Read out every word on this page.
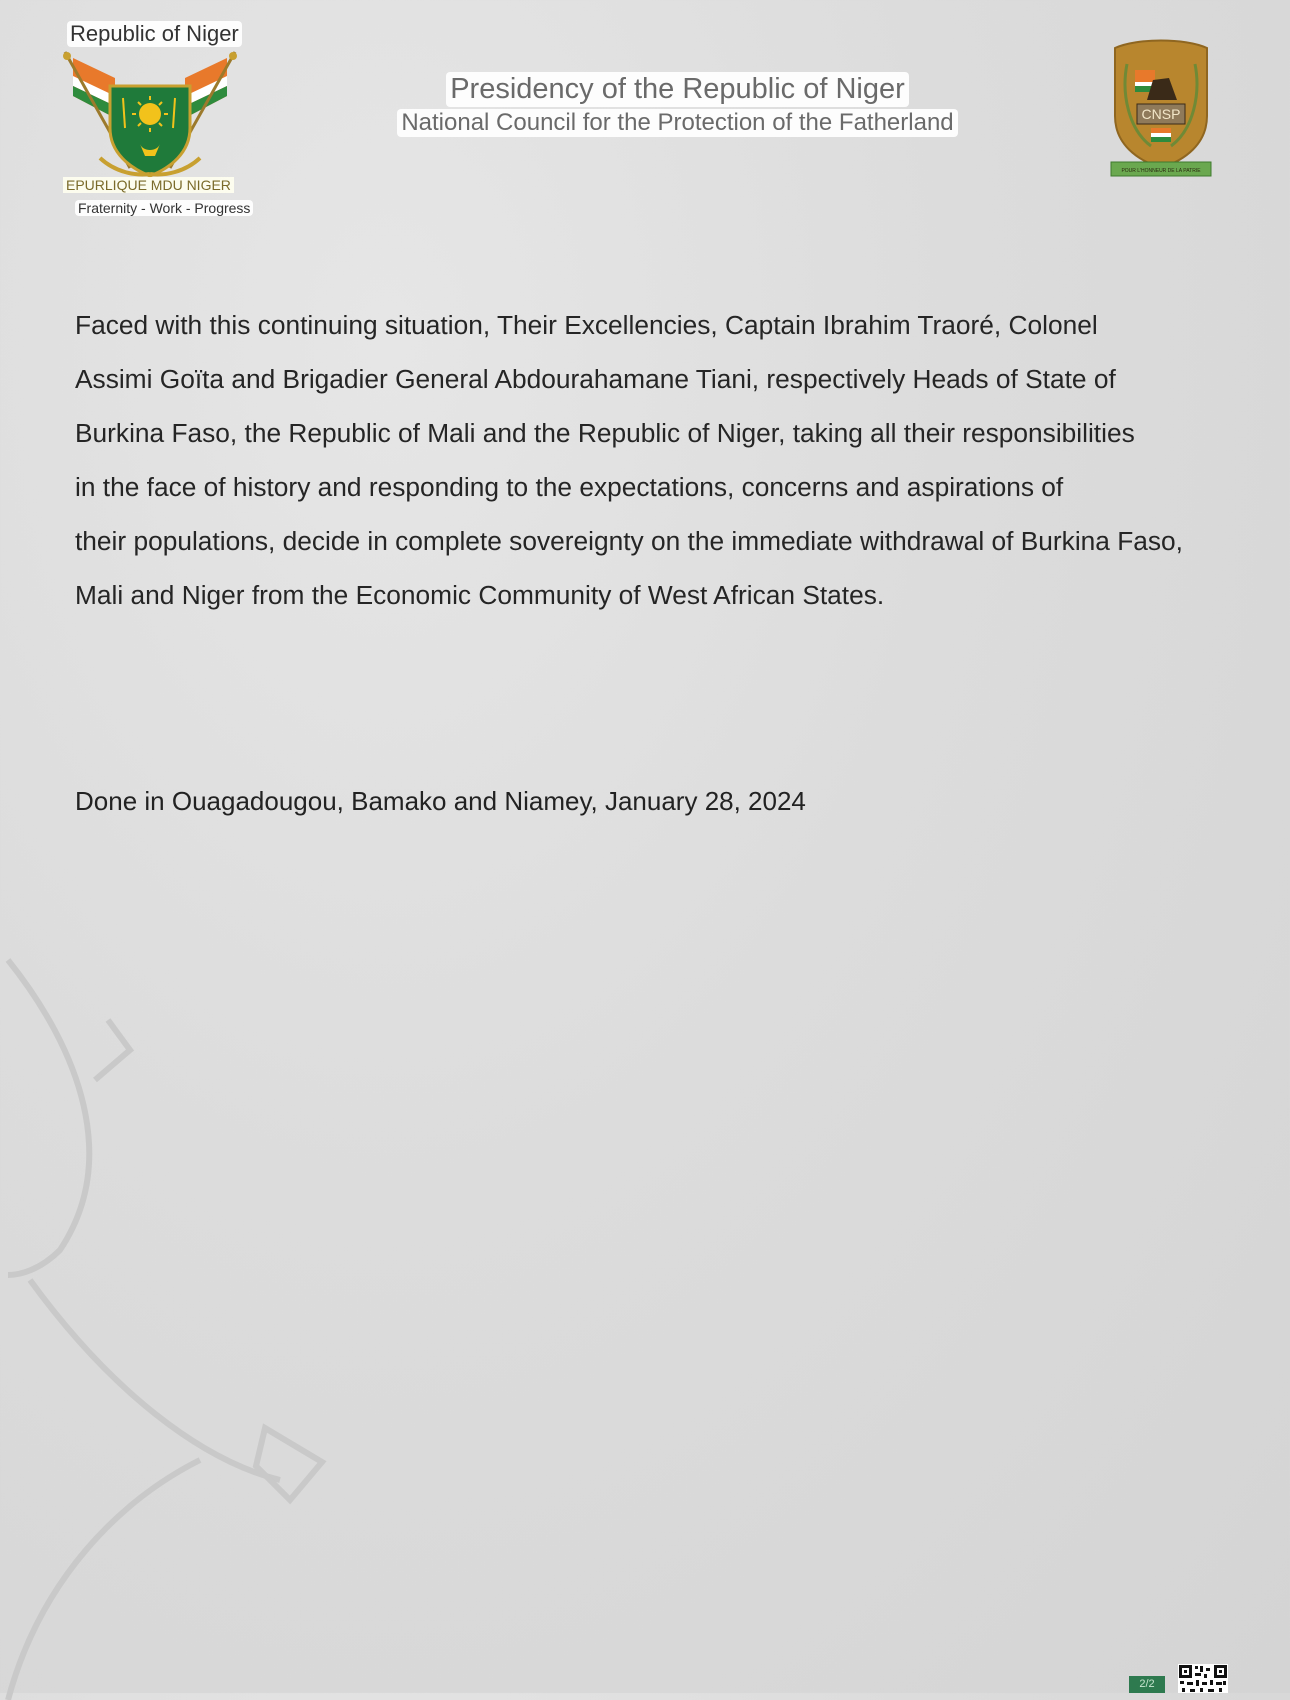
Republic of Niger
EPURLIQUE MDU NIGER
Fraternity - Work - Progress
Presidency of the Republic of Niger
National Council for the Protection of the Fatherland	CNSP
POUR L'HONNEUR DE LA PATRIE
Faced with this continuing situation, Their Excellencies, Captain Ibrahim Traoré, Colonel
Assimi Goïta and Brigadier General Abdourahamane Tiani, respectively Heads of State of
Burkina Faso, the Republic of Mali and the Republic of Niger, taking all their responsibilities
in the face of history and responding to the expectations, concerns and aspirations of
their populations, decide in complete sovereignty on the immediate withdrawal of Burkina Faso,
Mali and Niger from the Economic Community of West African States.
Done in Ouagadougou, Bamako and Niamey, January 28, 2024
2/2
